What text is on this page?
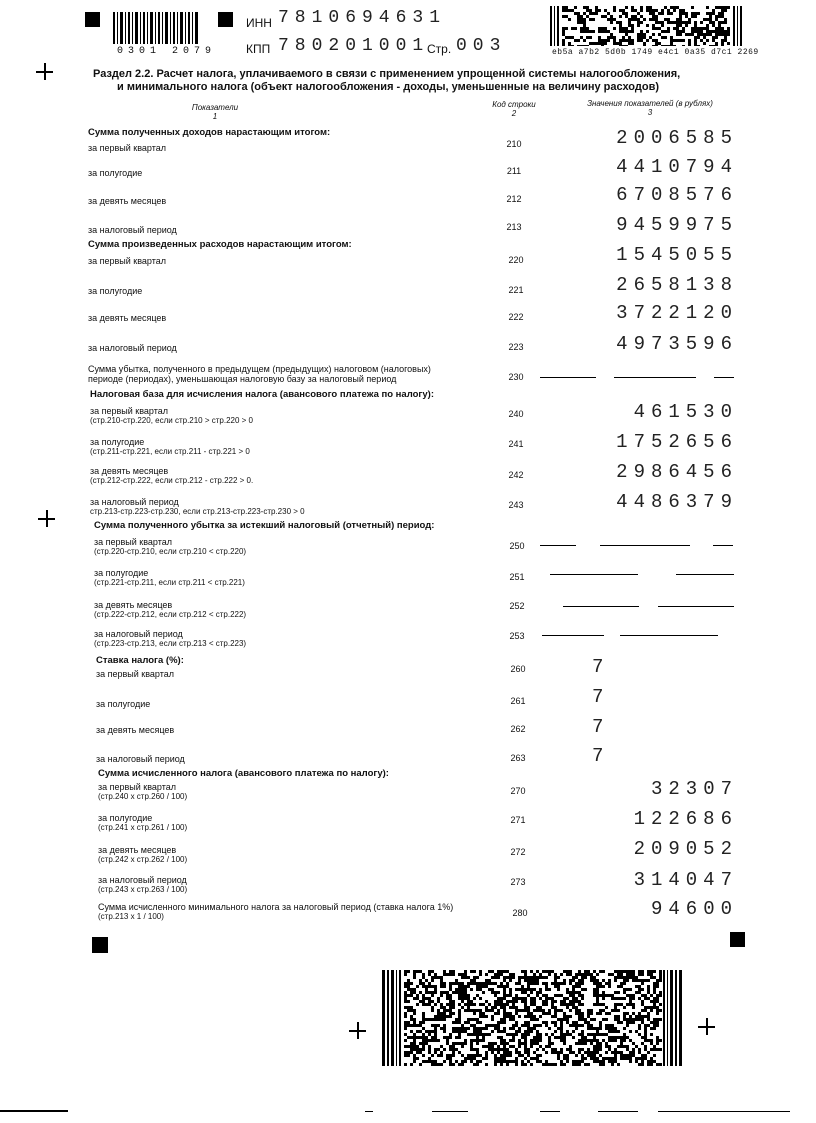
0301 2079
ИНН 7810694631
КПП 780201001
Стр. 003	eb5a a7b2 5d0b 1749 e4c1 0a35 d7c1 2269
Раздел 2.2. Расчет налога, уплачиваемого в связи с применением упрощенной системы налогообложения,
и минимального налога (объект налогообложения - доходы, уменьшенные на величину расходов)
Показатели
1
Код строки
2
Значения показателей (в рублях)
3
Сумма полученных доходов нарастающим итогом:
за первый квартал	210	2006585
за полугодие	211	4410794
за девять месяцев	212	6708576
за налоговый период	213	9459975
Сумма произведенных расходов нарастающим итогом:
за первый квартал	220	1545055
за полугодие	221	2658138
за девять месяцев	222	3722120
за налоговый период	223	4973596
Сумма убытка, полученного в предыдущем (предыдущих) налоговом (налоговых)
периоде (периодах), уменьшающая налоговую базу за налоговый период	230
Налоговая база для исчисления налога (авансового платежа по налогу):
за первый квартал
(стр.210-стр.220, если стр.210 > стр.220 > 0
240	461530
за полугодие
(стр.211-стр.221, если стр.211 - стр.221 > 0
241	1752656
за девять месяцев
(стр.212-стр.222, если стр.212 - стр.222 > 0.
242	2986456
за налоговый период
стр.213-стр.223-стр.230, если стр.213-стр.223-стр.230 > 0
243	4486379
Сумма полученного убытка за истекший налоговый (отчетный) период:
за первый квартал
(стр.220-стр.210, если стр.210 < стр.220)
250
за полугодие
(стр.221-стр.211, если стр.211 < стр.221)
251
за девять месяцев
(стр.222-стр.212, если стр.212 < стр.222)
252
за налоговый период
(стр.223-стр.213, если стр.213 < стр.223)
253
Ставка налога (%):
за первый квартал	260	7
за полугодие	261	7
за девять месяцев	262	7
за налоговый период	263	7
Сумма исчисленного налога (авансового платежа по налогу):
за первый квартал
(стр.240 х стр.260 / 100)
270	32307
за полугодие
(стр.241 х стр.261 / 100)
271	122686
за девять месяцев
(стр.242 х стр.262 / 100)
272	209052
за налоговый период
(стр.243 х стр.263 / 100)
273	314047
Сумма исчисленного минимального налога за налоговый период (ставка налога 1%)
(стр.213 х 1 / 100)	280	94600
